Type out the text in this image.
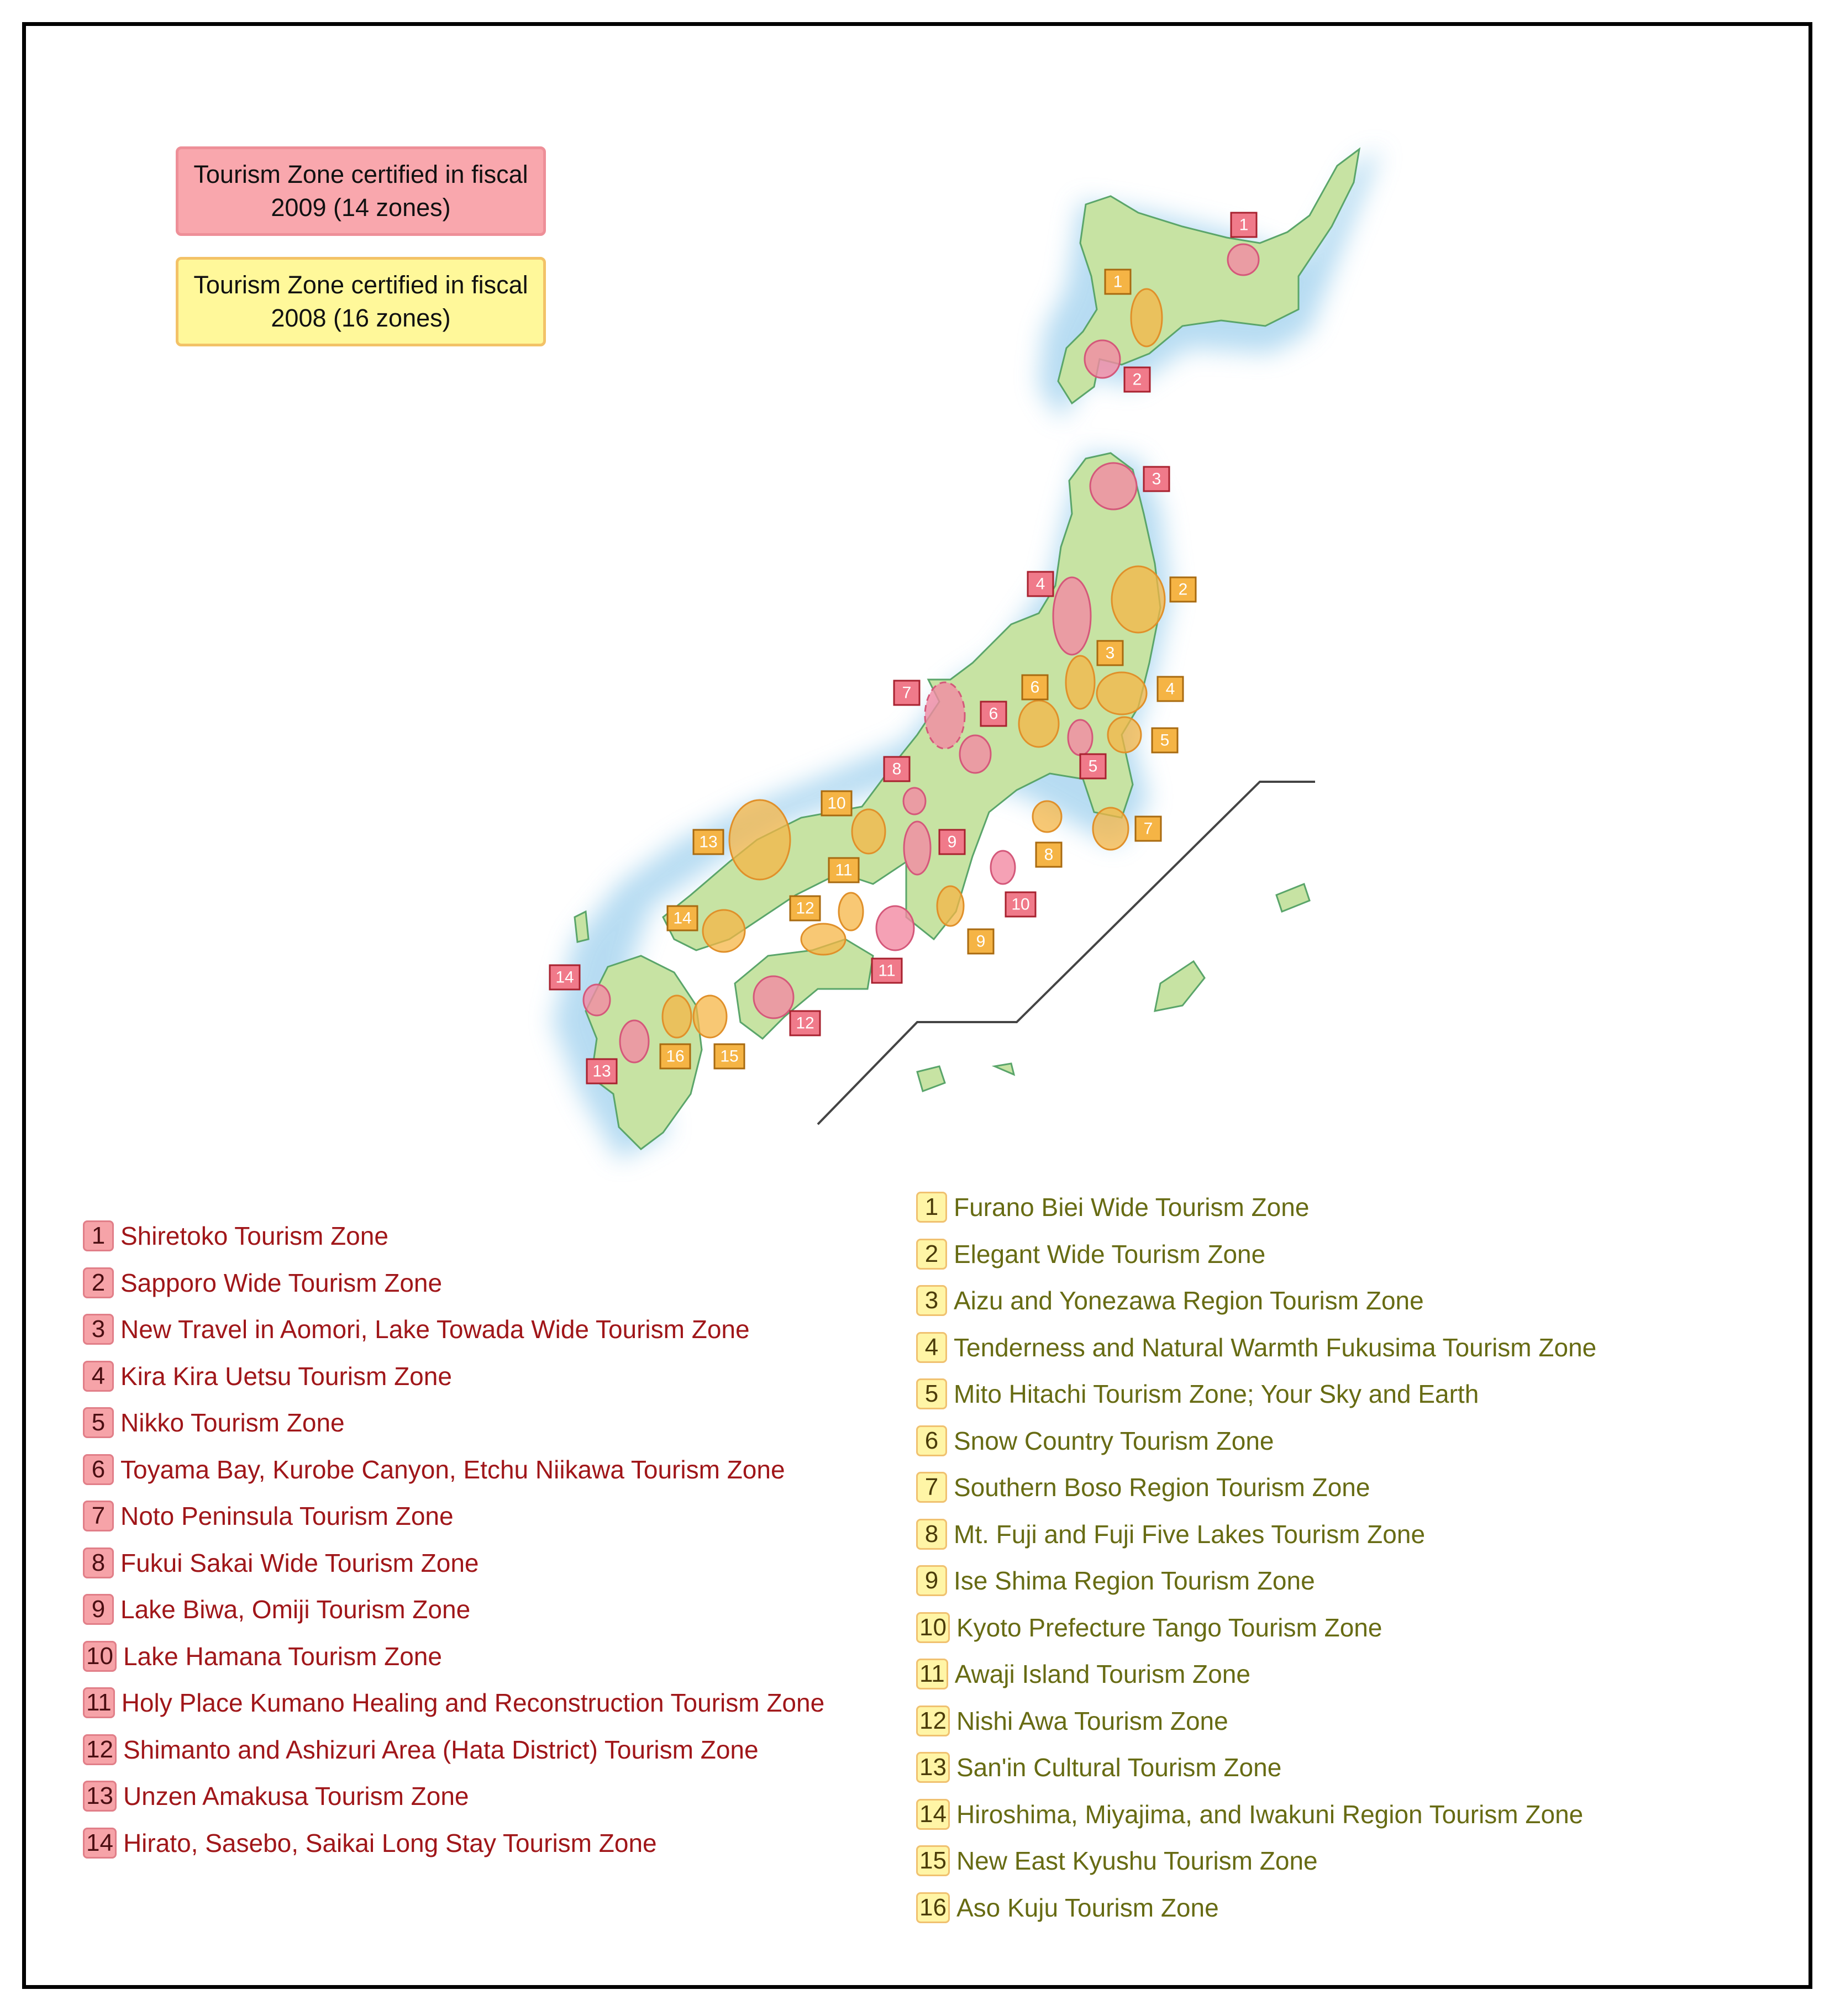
1
2
3
4
5
6
7
8
9
10
11
12
13
14
1
2
3
4
5
6
7
8
9
10
11
12
13
14
15
16
Tourism Zone certified in fiscal 2009 (14 zones)
Tourism Zone certified in fiscal 2008 (16 zones)
1 Shiretoko Tourism Zone
2 Sapporo Wide Tourism Zone
3 New Travel in Aomori, Lake Towada Wide Tourism Zone
4 Kira Kira Uetsu Tourism Zone
5 Nikko Tourism Zone
6 Toyama Bay, Kurobe Canyon, Etchu Niikawa Tourism Zone
7 Noto Peninsula Tourism Zone
8 Fukui Sakai Wide Tourism Zone
9 Lake Biwa, Omiji Tourism Zone
10 Lake Hamana Tourism Zone
11 Holy Place Kumano Healing and Reconstruction Tourism Zone
12 Shimanto and Ashizuri Area (Hata District) Tourism Zone
13 Unzen Amakusa Tourism Zone
14 Hirato, Sasebo, Saikai Long Stay Tourism Zone
1 Furano Biei Wide Tourism Zone
2 Elegant Wide Tourism Zone
3 Aizu and Yonezawa Region Tourism Zone
4 Tenderness and Natural Warmth Fukusima Tourism Zone
5 Mito Hitachi Tourism Zone; Your Sky and Earth
6 Snow Country Tourism Zone
7 Southern Boso Region Tourism Zone
8 Mt. Fuji and Fuji Five Lakes Tourism Zone
9 Ise Shima Region Tourism Zone
10 Kyoto Prefecture Tango Tourism Zone
11 Awaji Island Tourism Zone
12 Nishi Awa Tourism Zone
13 San'in Cultural Tourism Zone
14 Hiroshima, Miyajima, and Iwakuni Region Tourism Zone
15 New East Kyushu Tourism Zone
16 Aso Kuju Tourism Zone
